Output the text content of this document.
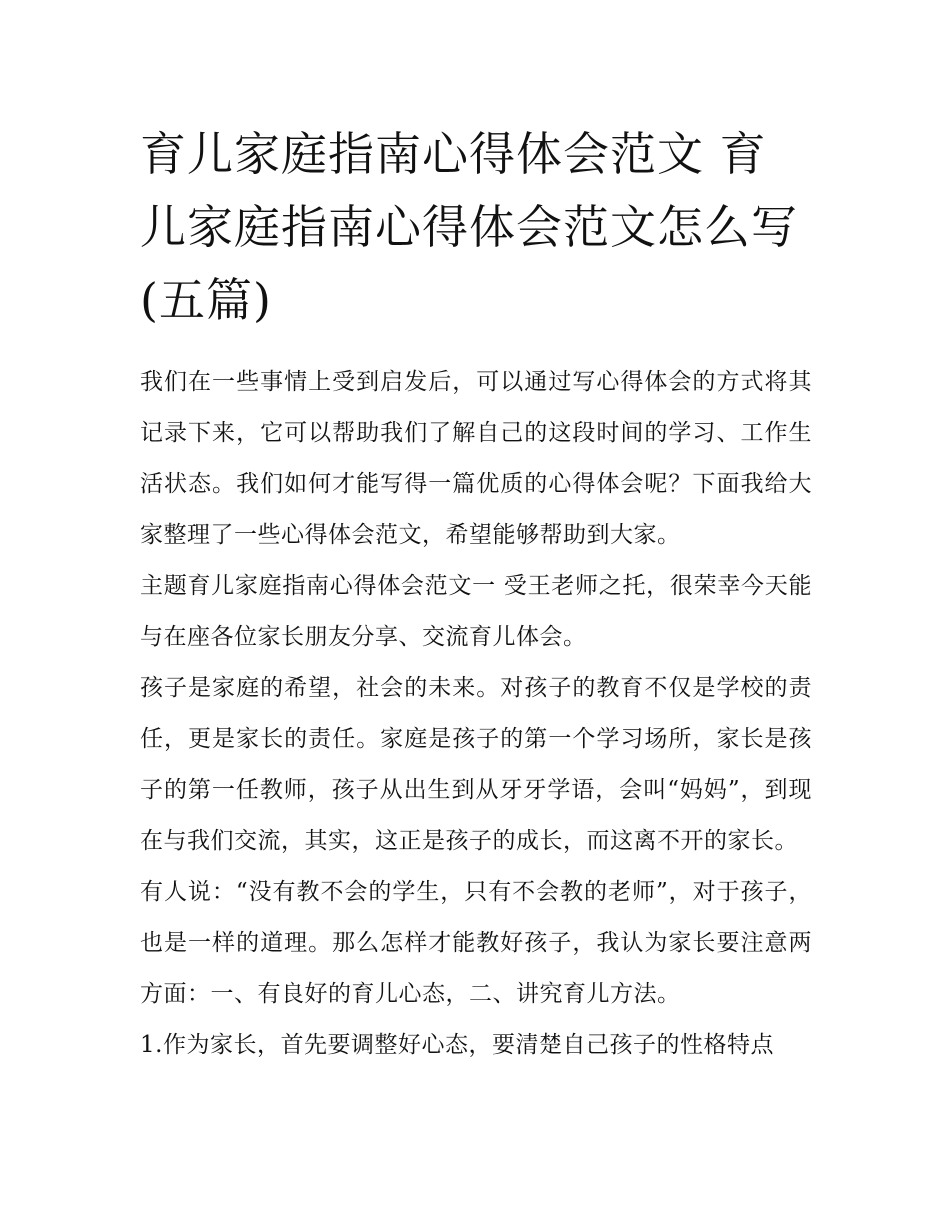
育儿家庭指南心得体会范文 育儿家庭指南心得体会范文怎么写(五篇)

我们在一些事情上受到启发后，可以通过写心得体会的方式将其记录下来，它可以帮助我们了解自己的这段时间的学习、工作生活状态。我们如何才能写得一篇优质的心得体会呢？下面我给大家整理了一些心得体会范文，希望能够帮助到大家。

主题育儿家庭指南心得体会范文一 受王老师之托，很荣幸今天能与在座各位家长朋友分享、交流育儿体会。

孩子是家庭的希望，社会的未来。对孩子的教育不仅是学校的责任，更是家长的责任。家庭是孩子的第一个学习场所，家长是孩子的第一任教师，孩子从出生到从牙牙学语，会叫“妈妈”，到现在与我们交流，其实，这正是孩子的成长，而这离不开的家长。

有人说：“没有教不会的学生，只有不会教的老师”，对于孩子，也是一样的道理。那么怎样才能教好孩子，我认为家长要注意两方面：一、有良好的育儿心态，二、讲究育儿方法。

1.作为家长，首先要调整好心态，要清楚自己孩子的性格特点
